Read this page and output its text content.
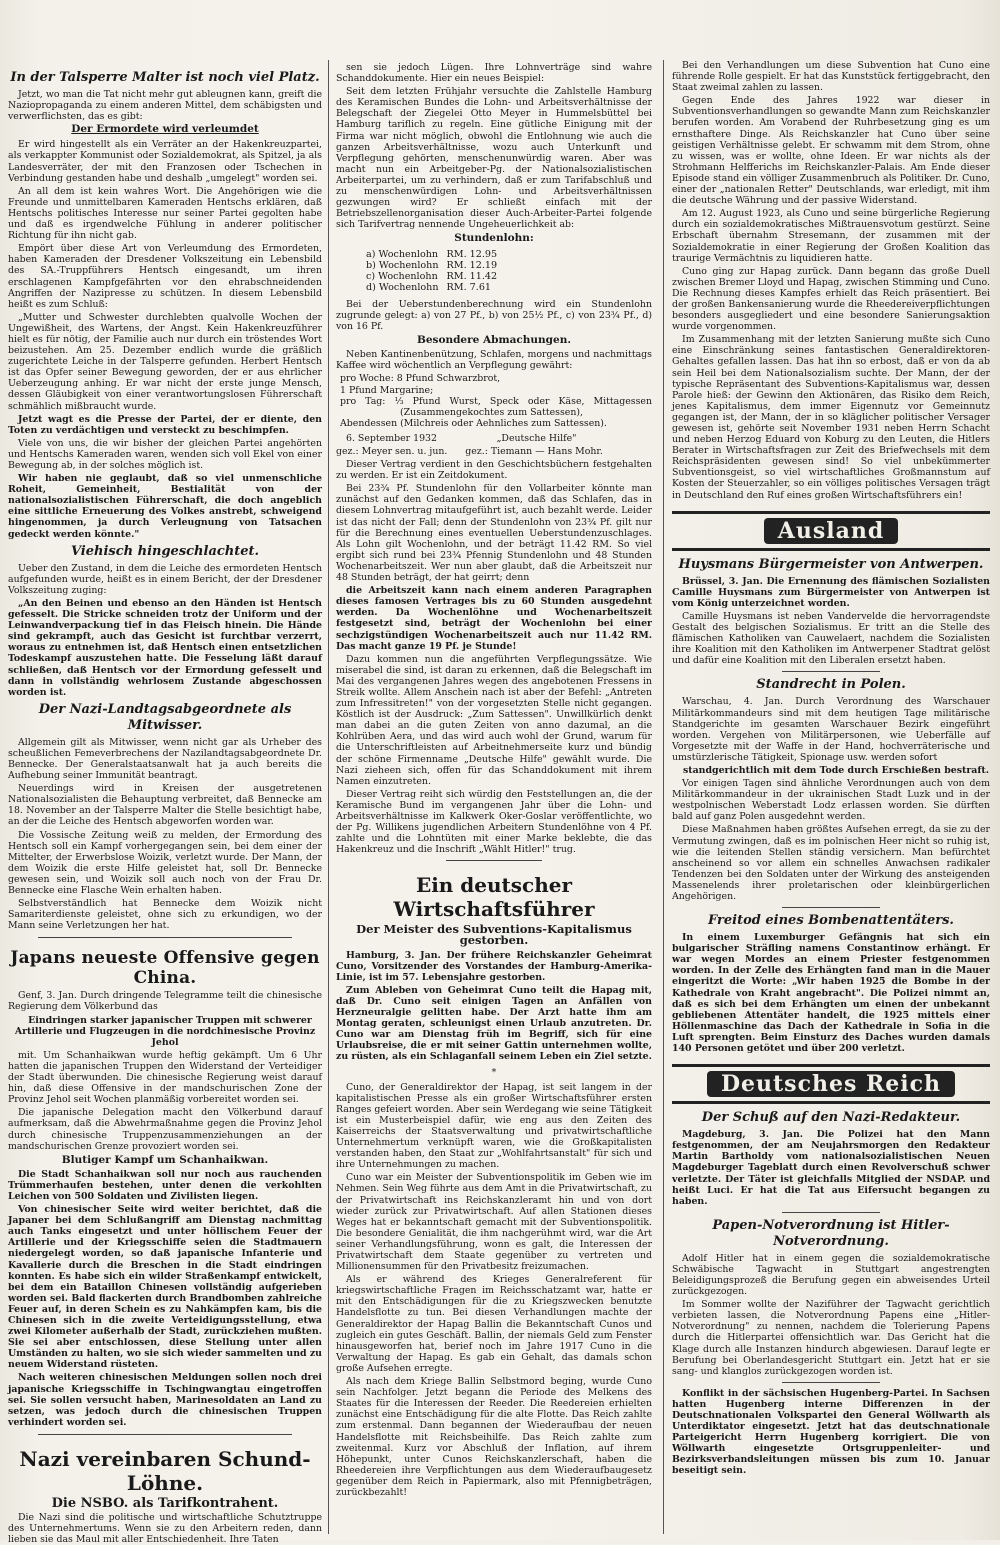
In der Talsperre Malter ist noch viel Platz.

Jetzt, wo man die Tat nicht mehr gut ableugnen kann, greift die Naziopropaganda zu einem anderen Mittel, dem schäbigsten und verwerflichsten, das es gibt:

Der Ermordete wird verleumdet

Er wird hingestellt als ein Verräter an der Hakenkreuzpartei, als verkappter Kommunist oder Sozialdemokrat, als Spitzel, ja als Landesverräter, der mit den Franzosen oder Tschechen in Verbindung gestanden habe und deshalb „umgelegt" worden sei.

An all dem ist kein wahres Wort. Die Angehörigen wie die Freunde und unmittelbaren Kameraden Hentschs erklären, daß Hentschs politisches Interesse nur seiner Partei gegolten habe und daß es irgendwelche Fühlung in anderer politischer Richtung für ihn nicht gab.

Empört über diese Art von Verleumdung des Ermordeten, haben Kameraden der Dresdener Volkszeitung ein Lebensbild des SA.-Truppführers Hentsch eingesandt, um ihren erschlagenen Kampfgefährten vor den ehrabschneidenden Angriffen der Nazipresse zu schützen. In diesem Lebensbild heißt es zum Schluß:

„Mutter und Schwester durchlebten qualvolle Wochen der Ungewißheit, des Wartens, der Angst. Kein Hakenkreuzführer hielt es für nötig, der Familie auch nur durch ein tröstendes Wort beizustehen. Am 25. Dezember endlich wurde die gräßlich zugerichtete Leiche in der Talsperre gefunden. Herbert Hentsch ist das Opfer seiner Bewegung geworden, der er aus ehrlicher Ueberzeugung anhing. Er war nicht der erste junge Mensch, dessen Gläubigkeit von einer verantwortungslosen Führerschaft schmählich mißbraucht wurde.

Jetzt wagt es die Presse der Partei, der er diente, den Toten zu verdächtigen und versteckt zu beschimpfen.

Viele von uns, die wir bisher der gleichen Partei angehörten und Hentschs Kameraden waren, wenden sich voll Ekel von einer Bewegung ab, in der solches möglich ist.

Wir haben nie geglaubt, daß so viel unmenschliche Roheit, Gemeinheit, Bestialität von der nationalsozialistischen Führerschaft, die doch angeblich eine sittliche Erneuerung des Volkes anstrebt, schweigend hingenommen, ja durch Verleugnung von Tatsachen gedeckt werden könnte."

Viehisch hingeschlachtet.

Ueber den Zustand, in dem die Leiche des ermordeten Hentsch aufgefunden wurde, heißt es in einem Bericht, der der Dresdener Volkszeitung zuging:

„An den Beinen und ebenso an den Händen ist Hentsch gefesselt. Die Stricke schneiden trotz der Uniform und der Leinwandverpackung tief in das Fleisch hinein. Die Hände sind gekrampft, auch das Gesicht ist furchtbar verzerrt, woraus zu entnehmen ist, daß Hentsch einen entsetzlichen Todeskampf auszustehen hatte. Die Fesselung läßt darauf schließen, daß Hentsch vor der Ermordung gefesselt und dann in vollständig wehrlosem Zustande abgeschossen worden ist.

Der Nazi-Landtagsabgeordnete als Mitwisser.

Allgemein gilt als Mitwisser, wenn nicht gar als Urheber des scheußlichen Femeverbrechens der Nazilandtagsabgeordnete Dr. Bennecke. Der Generalstaatsanwalt hat ja auch bereits die Aufhebung seiner Immunität beantragt.

Neuerdings wird in Kreisen der ausgetretenen Nationalsozialisten die Behauptung verbreitet, daß Bennecke am 18. November an der Talsperre Malter die Stelle besichtigt habe, an der die Leiche des Hentsch abgeworfen worden war.

Die Vossische Zeitung weiß zu melden, der Ermordung des Hentsch soll ein Kampf vorhergegangen sein, bei dem einer der Mittelter, der Erwerbslose Woizik, verletzt wurde. Der Mann, der dem Woizik die erste Hilfe geleistet hat, soll Dr. Bennecke gewesen sein, und Woizik soll auch noch von der Frau Dr. Bennecke eine Flasche Wein erhalten haben.

Selbstverständlich hat Bennecke dem Woizik nicht Samariterdienste geleistet, ohne sich zu erkundigen, wo der Mann seine Verletzungen her hat.

Japans neueste Offensive gegen China.

Genf, 3. Jan. Durch dringende Telegramme teilt die chinesische Regierung dem Völkerbund das

Eindringen starker japanischer Truppen mit schwerer Artillerie und Flugzeugen in die nordchinesische Provinz Jehol

mit. Um Schanhaikwan wurde heftig gekämpft. Um 6 Uhr hatten die japanischen Truppen den Widerstand der Verteidiger der Stadt überwunden. Die chinesische Regierung weist darauf hin, daß diese Offensive in der mandschurischen Zone der Provinz Jehol seit Wochen planmäßig vorbereitet worden sei.

Die japanische Delegation macht den Völkerbund darauf aufmerksam, daß die Abwehrmaßnahme gegen die Provinz Jehol durch chinesische Truppenzusammenziehungen an der mandschurischen Grenze provoziert worden sei.

Blutiger Kampf um Schanhaikwan.

Die Stadt Schanhaikwan soll nur noch aus rauchenden Trümmerhaufen bestehen, unter denen die verkohlten Leichen von 500 Soldaten und Zivilisten liegen.

Von chinesischer Seite wird weiter berichtet, daß die Japaner bei dem Schlußangriff am Dienstag nachmittag auch Tanks eingesetzt und unter höllischem Feuer der Artillerie und der Kriegsschiffe seien die Stadtmauern niedergelegt worden, so daß japanische Infanterie und Kavallerie durch die Breschen in die Stadt eindringen konnten. Es habe sich ein wilder Straßenkampf entwickelt, bei dem ein Bataillon Chinesen vollständig aufgerieben worden sei. Bald flackerten durch Brandbomben zahlreiche Feuer auf, in deren Schein es zu Nahkämpfen kam, bis die Chinesen sich in die zweite Verteidigungsstellung, etwa zwei Kilometer außerhalb der Stadt, zurückziehen mußten. Sie sei aber entschlossen, diese Stellung unter allen Umständen zu halten, wo sie sich wieder sammelten und zu neuem Widerstand rüsteten.

Nach weiteren chinesischen Meldungen sollen noch drei japanische Kriegsschiffe in Tschingwangtau eingetroffen sei. Sie sollen versucht haben, Marinesoldaten an Land zu setzen, was jedoch durch die chinesischen Truppen verhindert worden sei.

Nazi vereinbaren Schund-Löhne.
Die NSBO. als Tarifkontrahent.

Die Nazi sind die politische und wirtschaftliche Schutztruppe des Unternehmertums. Wenn sie zu den Arbeitern reden, dann lieben sie das Maul mit aller Entschiedenheit. Ihre Taten

sen sie jedoch Lügen. Ihre Lohnverträge sind wahre Schanddokumente. Hier ein neues Beispiel:

Seit dem letzten Frühjahr versuchte die Zahlstelle Hamburg des Keramischen Bundes die Lohn- und Arbeitsverhältnisse der Belegschaft der Ziegelei Otto Meyer in Hummelsbüttel bei Hamburg tariflich zu regeln. Eine gütliche Einigung mit der Firma war nicht möglich, obwohl die Entlohnung wie auch die ganzen Arbeitsverhältnisse, wozu auch Unterkunft und Verpflegung gehörten, menschenunwürdig waren. Aber was macht nun ein Arbeitgeber-Pg. der Nationalsozialistischen Arbeiterpartei, um zu verhindern, daß er zum Tarifabschluß und zu menschenwürdigen Lohn- und Arbeitsverhältnissen gezwungen wird? Er schließt einfach mit der Betriebszellenorganisation dieser Auch-Arbeiter-Partei folgende sich Tarifvertrag nennende Ungeheuerlichkeit ab:

Stundenlohn:
a) Wochenlohn	RM. 12.95
b) Wochenlohn	RM. 12.19
c) Wochenlohn	RM. 11.42
d) Wochenlohn	RM. 7.61

Bei der Ueberstundenberechnung wird ein Stundenlohn zugrunde gelegt: a) von 27 Pf., b) von 25½ Pf., c) von 23¾ Pf., d) von 16 Pf.

Besondere Abmachungen.

Neben Kantinenbenützung, Schlafen, morgens und nachmittags Kaffee wird wöchentlich an Verpflegung gewährt:

pro Woche: 8 Pfund Schwarzbrot,
1 Pfund Margarine;
pro Tag: ⅓ Pfund Wurst, Speck oder Käse, Mittagessen (Zusammengekochtes zum Sattessen),
Abendessen (Milchreis oder Aehnliches zum Sattessen).

6. September 1932                    „Deutsche Hilfe"

gez.: Meyer sen. u. jun.      gez.: Tiemann — Hans Mohr.

Dieser Vertrag verdient in den Geschichtsbüchern festgehalten zu werden. Er ist ein Zeitdokument.

Bei 23¾ Pf. Stundenlohn für den Vollarbeiter könnte man zunächst auf den Gedanken kommen, daß das Schlafen, das in diesem Lohnvertrag mitaufgeführt ist, auch bezahlt werde. Leider ist das nicht der Fall; denn der Stundenlohn von 23¾ Pf. gilt nur für die Berechnung eines eventuellen Ueberstundenzuschlages. Als Lohn gilt Wochenlohn, und der beträgt 11.42 RM. So viel ergibt sich rund bei 23¾ Pfennig Stundenlohn und 48 Stunden Wochenarbeitszeit. Wer nun aber glaubt, daß die Arbeitszeit nur 48 Stunden beträgt, der hat geirrt; denn

die Arbeitszeit kann nach einem anderen Paragraphen dieses famosen Vertrages bis zu 60 Stunden ausgedehnt werden. Da Wochenlöhne und Wochenarbeitszeit festgesetzt sind, beträgt der Wochenlohn bei einer sechzigstündigen Wochenarbeitszeit auch nur 11.42 RM. Das macht ganze 19 Pf. je Stunde!

Dazu kommen nun die angeführten Verpflegungssätze. Wie miserabel die sind, ist daran zu erkennen, daß die Belegschaft im Mai des vergangenen Jahres wegen des angebotenen Fressens in Streik wollte. Allem Anschein nach ist aber der Befehl: „Antreten zum Infressitreten!" von der vorgesetzten Stelle nicht gegangen. Köstlich ist der Ausdruck: „Zum Sattessen". Unwillkürlich denkt man dabei an die guten Zeiten von anno dazumal, an die Kohlrüben Aera, und das wird auch wohl der Grund, warum für die Unterschriftleisten auf Arbeitnehmerseite kurz und bündig der schöne Firmenname „Deutsche Hilfe" gewählt wurde. Die Nazi zieheen sich, offen für das Schanddokument mit ihrem Namen einzutreten.

Dieser Vertrag reiht sich würdig den Feststellungen an, die der Keramische Bund im vergangenen Jahr über die Lohn- und Arbeitsverhältnisse im Kalkwerk Oker-Goslar veröffentlichte, wo der Pg. Willikens jugendlichen Arbeitern Stundenlöhne von 4 Pf. zahlte und die Lohntüten mit einer Marke beklebte, die das Hakenkreuz und die Inschrift „Wählt Hitler!" trug.

Ein deutscher Wirtschaftsführer
Der Meister des Subventions-Kapitalismus gestorben.

Hamburg, 3. Jan. Der frühere Reichskanzler Geheimrat Cuno, Vorsitzender des Vorstandes der Hamburg-Amerika-Linie, ist im 57. Lebensjahre gestorben.

Zum Ableben von Geheimrat Cuno teilt die Hapag mit, daß Dr. Cuno seit einigen Tagen an Anfällen von Herzneuralgie gelitten habe. Der Arzt hatte ihm am Montag geraten, schleunigst einen Urlaub anzutreten. Dr. Cuno war am Dienstag früh im Begriff, sich für eine Urlaubsreise, die er mit seiner Gattin unternehmen wollte, zu rüsten, als ein Schlaganfall seinem Leben ein Ziel setzte.

*

Cuno, der Generaldirektor der Hapag, ist seit langem in der kapitalistischen Presse als ein großer Wirtschaftsführer ersten Ranges gefeiert worden. Aber sein Werdegang wie seine Tätigkeit ist ein Musterbeispiel dafür, wie eng aus den Zeiten des Kaiserreichs der Staatsverwaltung und privatwirtschaftliche Unternehmertum verknüpft waren, wie die Großkapitalisten verstanden haben, den Staat zur „Wohlfahrtsanstalt" für sich und ihre Unternehmungen zu machen.

Cuno war ein Meister der Subventionspolitik im Geben wie im Nehmen. Sein Weg führte aus dem Amt in die Privatwirtschaft, zu der Privatwirtschaft ins Reichskanzleramt hin und von dort wieder zurück zur Privatwirtschaft. Auf allen Stationen dieses Weges hat er bekanntschaft gemacht mit der Subventionspolitik. Die besondere Genialität, die ihm nachgerühmt wird, war die Art seiner Verhandlungsführung, wonn es galt, die Interessen der Privatwirtschaft dem Staate gegenüber zu vertreten und Millionensummen für den Privatbesitz freizumachen.

Als er während des Krieges Generalreferent für kriegswirtschaftliche Fragen im Reichsschatzamt war, hatte er mit den Entschädigungen für die zu Kriegszwecken benutzte Handelsflotte zu tun. Bei diesen Verhandlungen machte der Generaldirektor der Hapag Ballin die Bekanntschaft Cunos und zugleich ein gutes Geschäft. Ballin, der niemals Geld zum Fenster hinausgeworfen hat, berief noch im Jahre 1917 Cuno in die Verwaltung der Hapag. Es gab ein Gehalt, das damals schon große Aufsehen erregte.

Als nach dem Kriege Ballin Selbstmord beging, wurde Cuno sein Nachfolger. Jetzt begann die Periode des Melkens des Staates für die Interessen der Reeder. Die Reedereien erhielten zunächst eine Entschädigung für die alte Flotte. Das Reich zahlte zum erstenmal. Dann begannen der Wiederaufbau der neuen Handelsflotte mit Reichsbeihilfe. Das Reich zahlte zum zweitenmal. Kurz vor Abschluß der Inflation, auf ihrem Höhepunkt, unter Cunos Reichskanzlerschaft, haben die Rheedereien ihre Verpflichtungen aus dem Wiederaufbaugesetz gegenüber dem Reich in Papiermark, also mit Pfennigbeträgen, zurückbezahlt!

Bei den Verhandlungen um diese Subvention hat Cuno eine führende Rolle gespielt. Er hat das Kunststück fertiggebracht, den Staat zweimal zahlen zu lassen.

Gegen Ende des Jahres 1922 war dieser in Subventionsverhandlungen so gewandte Mann zum Reichskanzler berufen worden. Am Vorabend der Ruhrbesetzung ging es um ernsthaftere Dinge. Als Reichskanzler hat Cuno über seine geistigen Verhältnisse gelebt. Er schwamm mit dem Strom, ohne zu wissen, was er wollte, ohne Ideen. Er war nichts als der Strohmann Helfferichs im Reichskanzler-Palais. Am Ende dieser Episode stand ein völliger Zusammenbruch als Politiker. Dr. Cuno, einer der „nationalen Retter" Deutschlands, war erledigt, mit ihm die deutsche Währung und der passive Widerstand.

Am 12. August 1923, als Cuno und seine bürgerliche Regierung durch ein sozialdemokratisches Mißtrauensvotum gestürzt. Seine Erbschaft übernahm Stresemann, der zusammen mit der Sozialdemokratie in einer Regierung der Großen Koalition das traurige Vermächtnis zu liquidieren hatte.

Cuno ging zur Hapag zurück. Dann begann das große Duell zwischen Bremer Lloyd und Hapag, zwischen Stimming und Cuno. Die Rechnung dieses Kampfes erhielt das Reich präsentiert. Bei der großen Bankensanierung wurde die Rheedereiverpflichtungen besonders ausgegliedert und eine besondere Sanierungsaktion wurde vorgenommen.

Im Zusammenhang mit der letzten Sanierung mußte sich Cuno eine Einschränkung seines fantastischen Generaldirektoren-Gehaltes gefallen lassen. Das hat ihn so erbost, daß er von da ab sein Heil bei dem Nationalsozialism suchte. Der Mann, der der typische Repräsentant des Subventions-Kapitalismus war, dessen Parole hieß: der Gewinn den Aktionären, das Risiko dem Reich, jenes Kapitalismus, dem immer Eigennutz vor Gemeinnutz gegangen ist, der Mann, der in so kläglicher politischer Versager gewesen ist, gehörte seit November 1931 neben Herrn Schacht und neben Herzog Eduard von Koburg zu den Leuten, die Hitlers Berater in Wirtschaftsfragen zur Zeit des Briefwechsels mit dem Reichspräsidenten gewesen sind! So viel unbekümmerter Subventionsgeist, so viel wirtschaftliches Großmannstum auf Kosten der Steuerzahler, so ein völliges politisches Versagen trägt in Deutschland den Ruf eines großen Wirtschaftsführers ein!

Ausland
Huysmans Bürgermeister von Antwerpen.

Brüssel, 3. Jan. Die Ernennung des flämischen Sozialisten Camille Huysmans zum Bürgermeister von Antwerpen ist vom König unterzeichnet worden.

Camille Huysmans ist neben Vandervelde die hervorragendste Gestalt des belgischen Sozialismus. Er tritt an die Stelle des flämischen Katholiken van Cauwelaert, nachdem die Sozialisten ihre Koalition mit den Katholiken im Antwerpener Stadtrat gelöst und dafür eine Koalition mit den Liberalen ersetzt haben.

Standrecht in Polen.

Warschau, 4. Jan. Durch Verordnung des Warschauer Militärkommandeurs sind mit dem heutigen Tage militärische Standgerichte im gesamten Warschauer Bezirk eingeführt worden. Vergehen von Militärpersonen, wie Ueberfälle auf Vorgesetzte mit der Waffe in der Hand, hochverräterische und umstürzlerische Tätigkeit, Spionage usw. werden sofort

standgerichtlich mit dem Tode durch Erschießen bestraft.

Vor einigen Tagen sind ähnliche Verordnungen auch von dem Militärkommandeur in der ukrainischen Stadt Luzk und in der westpolnischen Weberstadt Lodz erlassen worden. Sie dürften bald auf ganz Polen ausgedehnt werden.

Diese Maßnahmen haben größtes Aufsehen erregt, da sie zu der Vermutung zwingen, daß es im polnischen Heer nicht so ruhig ist, wie die leitenden Stellen ständig versichern. Man befürchtet anscheinend so vor allem ein schnelles Anwachsen radikaler Tendenzen bei den Soldaten unter der Wirkung des ansteigenden Massenelends ihrer proletarischen oder kleinbürgerlichen Angehörigen.

Freitod eines Bombenattentäters.

In einem Luxemburger Gefängnis hat sich ein bulgarischer Sträfling namens Constantinow erhängt. Er war wegen Mordes an einem Priester festgenommen worden. In der Zelle des Erhängten fand man in die Mauer eingeritzt die Worte: „Wir haben 1925 die Bombe in der Kathedrale von Kraht angebracht". Die Polizei nimmt an, daß es sich bei dem Erhängten um einen der unbekannt gebliebenen Attentäter handelt, die 1925 mittels einer Höllenmaschine das Dach der Kathedrale in Sofia in die Luft sprengten. Beim Einsturz des Daches wurden damals 140 Personen getötet und über 200 verletzt.

Deutsches Reich
Der Schuß auf den Nazi-Redakteur.

Magdeburg, 3. Jan. Die Polizei hat den Mann festgenommen, der am Neujahrsmorgen den Redakteur Martin Bartholdy vom nationalsozialistischen Neuen Magdeburger Tageblatt durch einen Revolverschuß schwer verletzte. Der Täter ist gleichfalls Mitglied der NSDAP. und heißt Luci. Er hat die Tat aus Eifersucht begangen zu haben.

Papen-Notverordnung ist Hitler-Notverordnung.

Adolf Hitler hat in einem gegen die sozialdemokratische Schwäbische Tagwacht in Stuttgart angestrengten Beleidigungsprozeß die Berufung gegen ein abweisendes Urteil zurückgezogen.

Im Sommer wollte der Naziführer der Tagwacht gerichtlich verbieten lassen, die Notverordnung Papens eine „Hitler-Notverordnung" zu nennen, nachdem die Tolerierung Papens durch die Hitlerpartei offensichtlich war. Das Gericht hat die Klage durch alle Instanzen hindurch abgewiesen. Darauf legte er Berufung bei Oberlandesgericht Stuttgart ein. Jetzt hat er sie sang- und klanglos zurückgezogen worden ist.

Konflikt in der sächsischen Hugenberg-Partei. In Sachsen hatten Hugenberg interne Differenzen in der Deutschnationalen Volkspartei den General Wöllwarth als Unterdiktator eingesetzt. Jetzt hat das deutschnationale Parteigericht Herrn Hugenberg korrigiert. Die von Wöllwarth eingesetzte Ortsgruppenleiter- und Bezirksverbandsleitungen müssen bis zum 10. Januar beseitigt sein.
